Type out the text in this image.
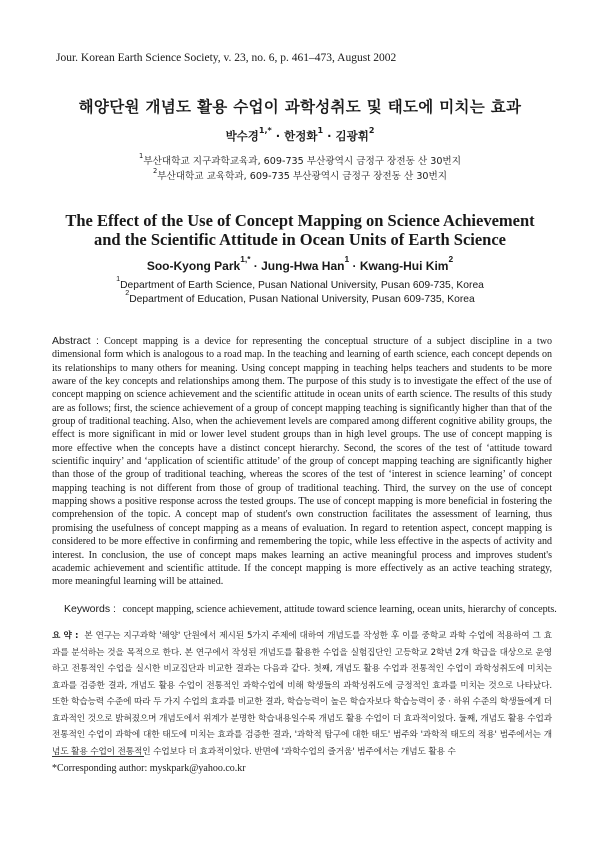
Jour. Korean Earth Science Society, v. 23, no. 6, p. 461–473, August 2002
해양단원 개념도 활용 수업이 과학성취도 및 태도에 미치는 효과
박수경$^{1,*}$ · 한정화$^1$ · 김광휘$^2$
$^1$부산대학교 지구과학교육과, 609-735 부산광역시 금정구 장전동 산 30번지
$^2$부산대학교 교육학과, 609-735 부산광역시 금정구 장전동 산 30번지
The Effect of the Use of Concept Mapping on Science Achievement
and the Scientific Attitude in Ocean Units of Earth Science
Soo-Kyong Park$^{1,*}$ · Jung-Hwa Han$^1$ · Kwang-Hui Kim$^2$
$^1$Department of Earth Science, Pusan National University, Pusan 609-735, Korea
$^2$Department of Education, Pusan National University, Pusan 609-735, Korea

Abstract : Concept mapping is a device for representing the conceptual structure of a subject discipline in a two dimensional form which is analogous to a road map. In the teaching and learning of earth science, each concept depends on its relationships to many others for meaning. Using concept mapping in teaching helps teachers and students to be more aware of the key concepts and relationships among them. The purpose of this study is to investigate the effect of the use of concept mapping on science achievement and the scientific attitude in ocean units of earth science. The results of this study are as follows; first, the science achievement of a group of concept mapping teaching is significantly higher than that of the group of traditional teaching. Also, when the achievement levels are compared among different cognitive ability groups, the effect is more significant in mid or lower level student groups than in high level groups. The use of concept mapping is more effective when the concepts have a distinct concept hierarchy. Second, the scores of the test of ‘attitude toward scientific inquiry’ and ‘application of scientific attitude’ of the group of concept mapping teaching are significantly higher than those of the group of traditional teaching, whereas the scores of the test of ‘interest in science learning’ of concept mapping teaching is not different from those of group of traditional teaching. Third, the survey on the use of concept mapping shows a positive response across the tested groups. The use of concept mapping is more beneficial in fostering the comprehension of the topic. A concept map of student's own construction facilitates the assessment of learning, thus promising the usefulness of concept mapping as a means of evaluation. In regard to retention aspect, concept mapping is considered to be more effective in confirming and remembering the topic, while less effective in the aspects of activity and interest. In conclusion, the use of concept maps makes learning an active meaningful process and improves student's academic achievement and scientific attitude. If the concept mapping is more effectively as an active teaching strategy, more meaningful learning will be attained.

Keywords : concept mapping, science achievement, attitude toward science learning, ocean units, hierarchy of concepts.

요 약 : 본 연구는 지구과학 '해양' 단원에서 제시된 5가지 주제에 대하여 개념도를 작성한 후 이를 중학교 과학 수업에 적용하여 그 효과를 분석하는 것을 목적으로 한다. 본 연구에서 작성된 개념도를 활용한 수업을 실험집단인 고등학교 2학년 2개 학급을 대상으로 운영하고 전통적인 수업을 실시한 비교집단과 비교한 결과는 다음과 같다. 첫째, 개념도 활용 수업과 전통적인 수업이 과학성취도에 미치는 효과를 검증한 결과, 개념도 활용 수업이 전통적인 과학수업에 비해 학생들의 과학성취도에 긍정적인 효과를 미치는 것으로 나타났다. 또한 학습능력 수준에 따라 두 가지 수업의 효과를 비교한 결과, 학습능력이 높은 학습자보다 학습능력이 중 · 하위 수준의 학생들에게 더 효과적인 것으로 밝혀졌으며 개념도에서 위계가 분명한 학습내용일수록 개념도 활용 수업이 더 효과적이었다. 둘째, 개념도 활용 수업과 전통적인 수업이 과학에 대한 태도에 미치는 효과를 검증한 결과, '과학적 탐구에 대한 태도' 범주와 '과학적 태도의 적용' 범주에서는 개념도 활용 수업이 전통적인 수업보다 더 효과적이었다. 반면에 '과학수업의 즐거움' 범주에서는 개념도 활용 수

*Corresponding author: myskpark@yahoo.co.kr
